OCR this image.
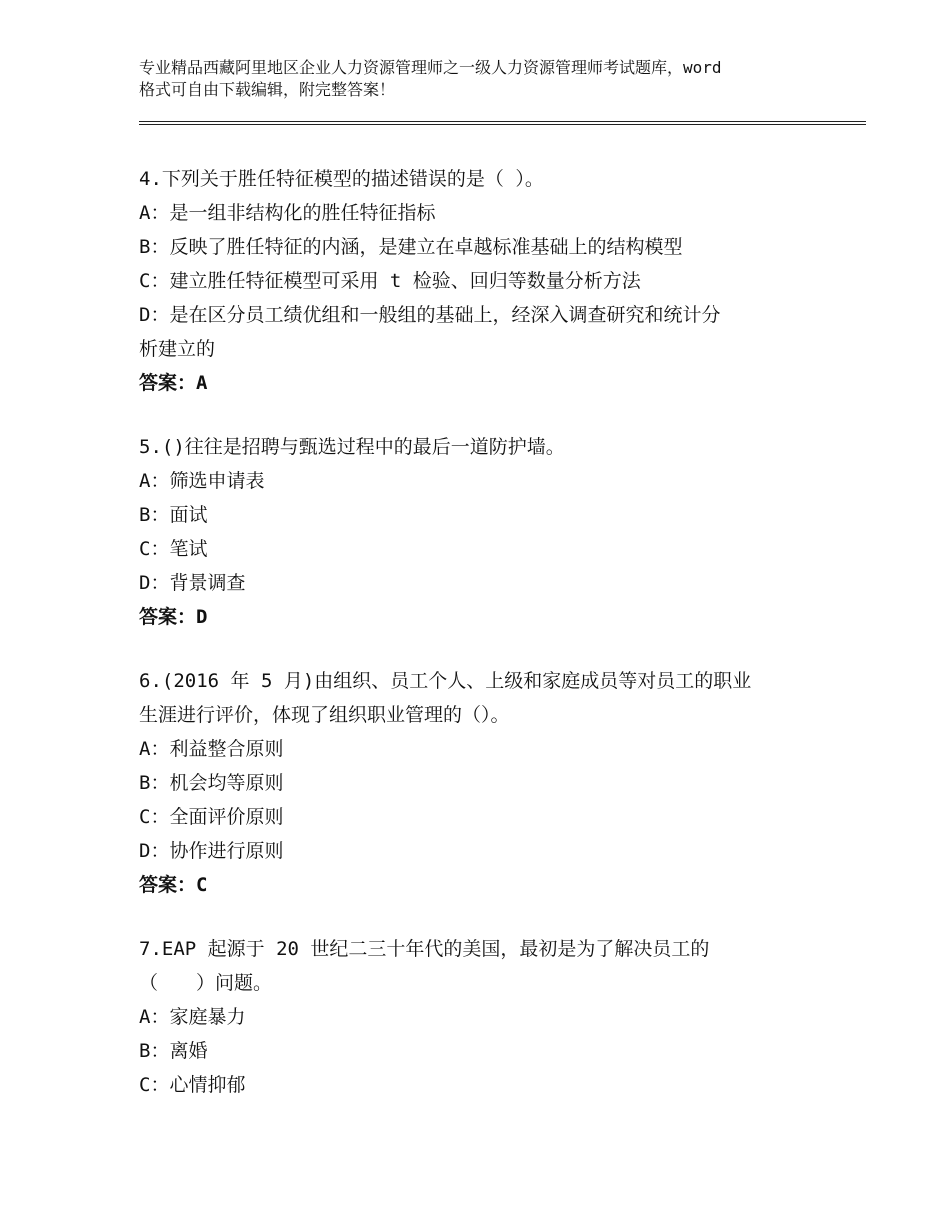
专业精品西藏阿里地区企业人力资源管理师之一级人力资源管理师考试题库，word
格式可自由下载编辑，附完整答案！
4.下列关于胜任特征模型的描述错误的是（ ）。
A：是一组非结构化的胜任特征指标
B：反映了胜任特征的内涵，是建立在卓越标准基础上的结构模型
C：建立胜任特征模型可采用 t 检验、回归等数量分析方法
D：是在区分员工绩优组和一般组的基础上，经深入调查研究和统计分
析建立的
答案：A
5.()往往是招聘与甄选过程中的最后一道防护墙。
A：筛选申请表
B：面试
C：笔试
D：背景调查
答案：D
6.(2016 年 5 月)由组织、员工个人、上级和家庭成员等对员工的职业
生涯进行评价，体现了组织职业管理的（）。
A：利益整合原则
B：机会均等原则
C：全面评价原则
D：协作进行原则
答案：C
7.EAP 起源于 20 世纪二三十年代的美国，最初是为了解决员工的
（　　）问题。
A：家庭暴力
B：离婚
C：心情抑郁
